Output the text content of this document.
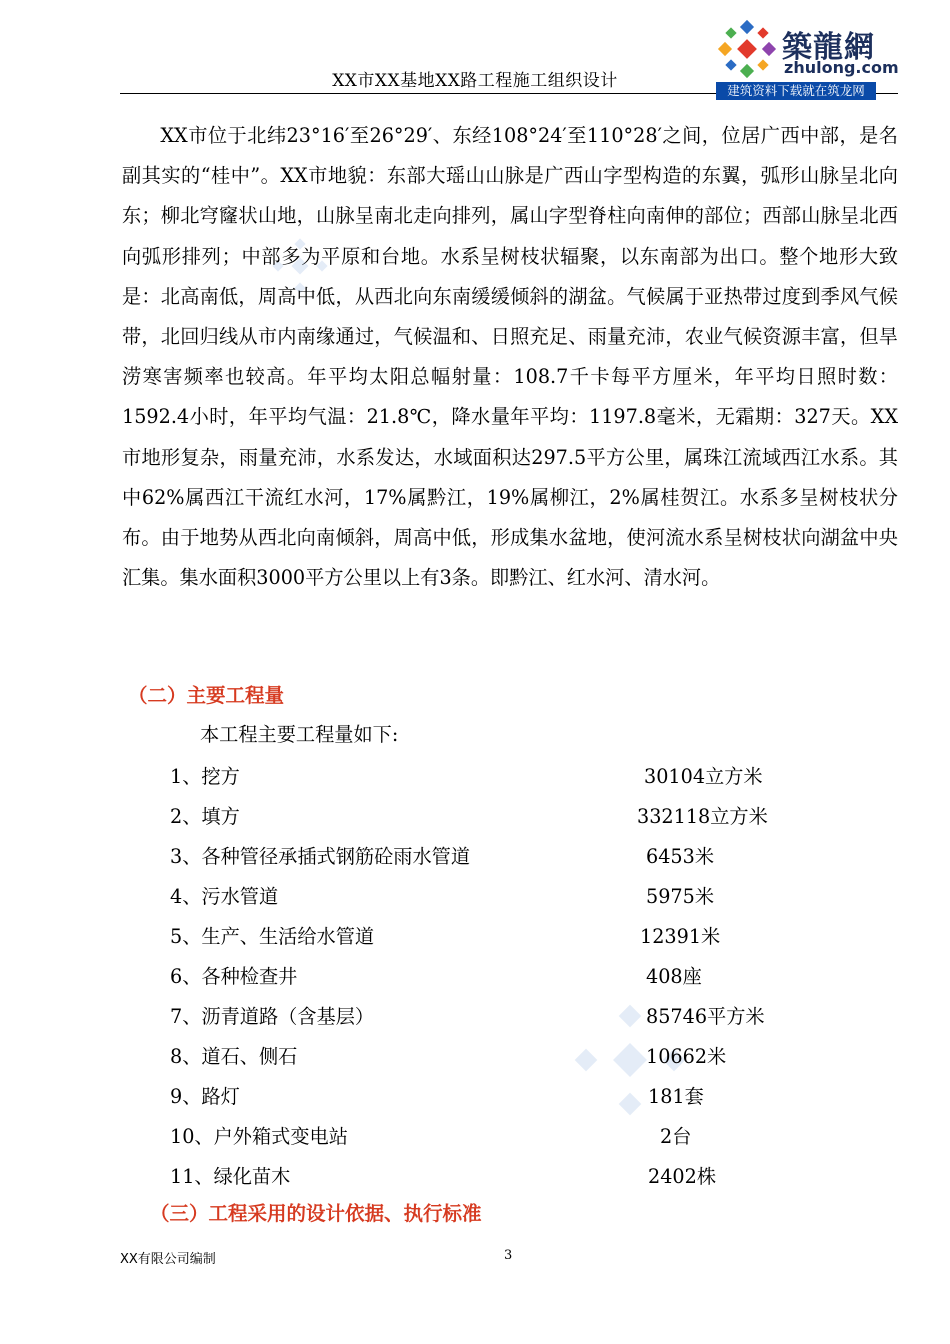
XX市XX基地XX路工程施工组织设计
築龍網
zhulong.com
建筑资料下载就在筑龙网

XX市位于北纬23°16′至26°29′、东经108°24′至110°28′之间，位居广西中部，是名副其实的“桂中”。XX市地貌：东部大瑶山山脉是广西山字型构造的东翼，弧形山脉呈北向东；柳北穹窿状山地，山脉呈南北走向排列，属山字型脊柱向南伸的部位；西部山脉呈北西向弧形排列；中部多为平原和台地。水系呈树枝状辐聚，以东南部为出口。整个地形大致是：北高南低，周高中低，从西北向东南缓缓倾斜的湖盆。气候属于亚热带过度到季风气候带，北回归线从市内南缘通过，气候温和、日照充足、雨量充沛，农业气候资源丰富，但旱涝寒害频率也较高。年平均太阳总幅射量：108.7千卡每平方厘米，年平均日照时数：1592.4小时，年平均气温：21.8℃，降水量年平均：1197.8毫米，无霜期：327天。XX市地形复杂，雨量充沛，水系发达，水域面积达297.5平方公里，属珠江流域西江水系。其中62%属西江干流红水河，17%属黔江，19%属柳江，2%属桂贺江。水系多呈树枝状分布。由于地势从西北向南倾斜，周高中低，形成集水盆地，使河流水系呈树枝状向湖盆中央汇集。集水面积3000平方公里以上有3条。即黔江、红水河、清水河。

（二）主要工程量
本工程主要工程量如下:
1、挖方	30104立方米
2、填方	332118立方米
3、各种管径承插式钢筋砼雨水管道	6453米
4、污水管道	5975米
5、生产、生活给水管道	12391米
6、各种检查井	408座
7、沥青道路（含基层）	85746平方米
8、道石、侧石	10662米
9、路灯	181套
10、户外箱式变电站	2台
11、绿化苗木	2402株
（三）工程采用的设计依据、执行标准
XX有限公司编制	3
